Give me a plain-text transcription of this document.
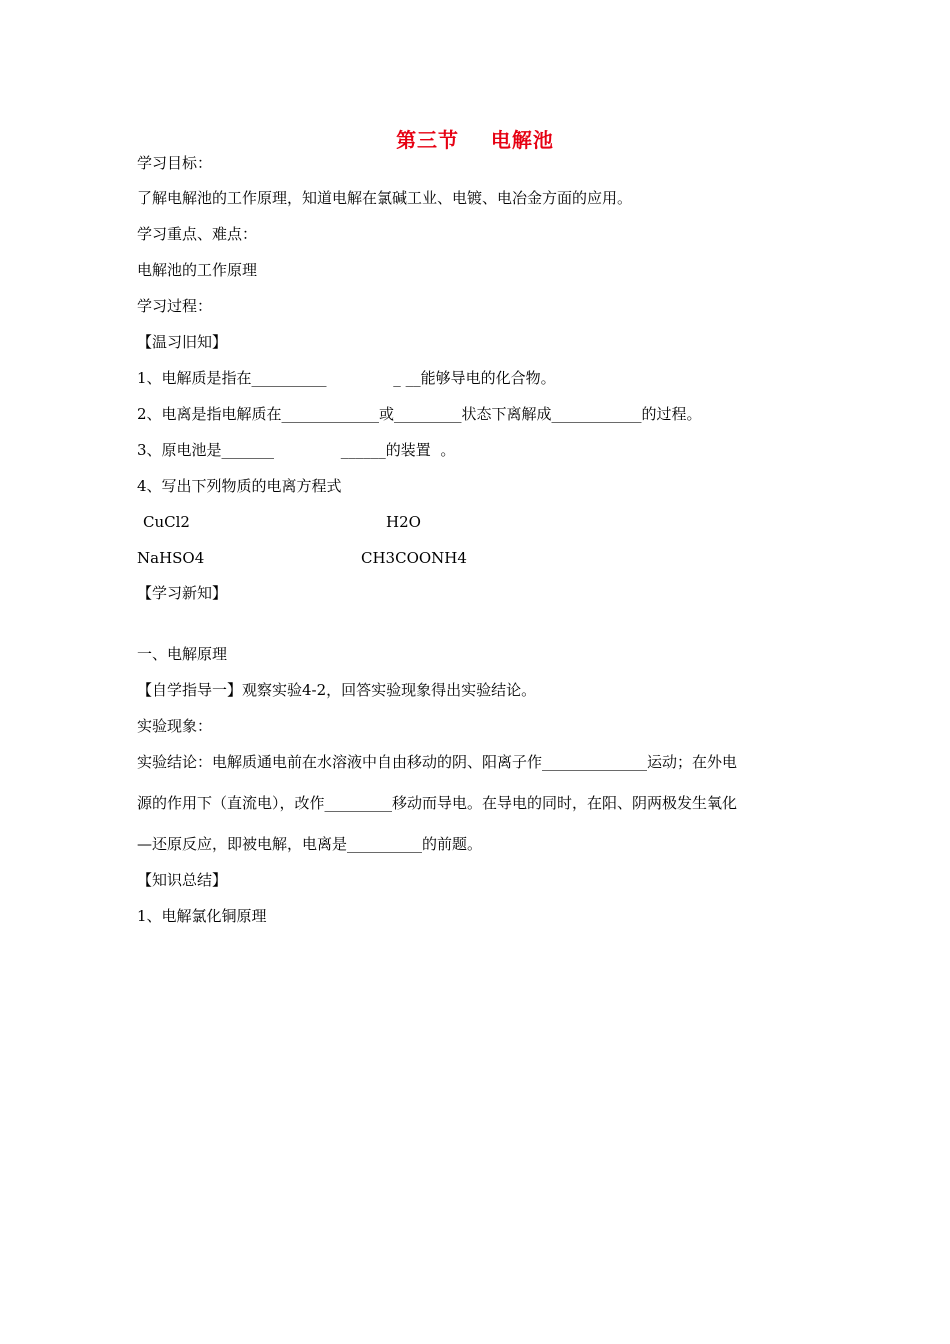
第三节    电解池
学习目标：
了解电解池的工作原理，知道电解在氯碱工业、电镀、电冶金方面的应用。
学习重点、难点：
电解池的工作原理
学习过程：
【温习旧知】
1、电解质是指在__________              _ __能够导电的化合物。
2、电离是指电解质在_____________或_________状态下离解成____________的过程。
3、原电池是_______              ______的装置  。
4、写出下列物质的电离方程式
CuCl2	H2O
NaHSO4	CH3COONH4
【学习新知】
一、电解原理
【自学指导一】观察实验4-2，回答实验现象得出实验结论。
实验现象：
实验结论：电解质通电前在水溶液中自由移动的阴、阳离子作______________运动；在外电
源的作用下（直流电），改作_________移动而导电。在导电的同时，在阳、阴两极发生氧化
—还原反应，即被电解，电离是__________的前题。
【知识总结】
1、电解氯化铜原理
